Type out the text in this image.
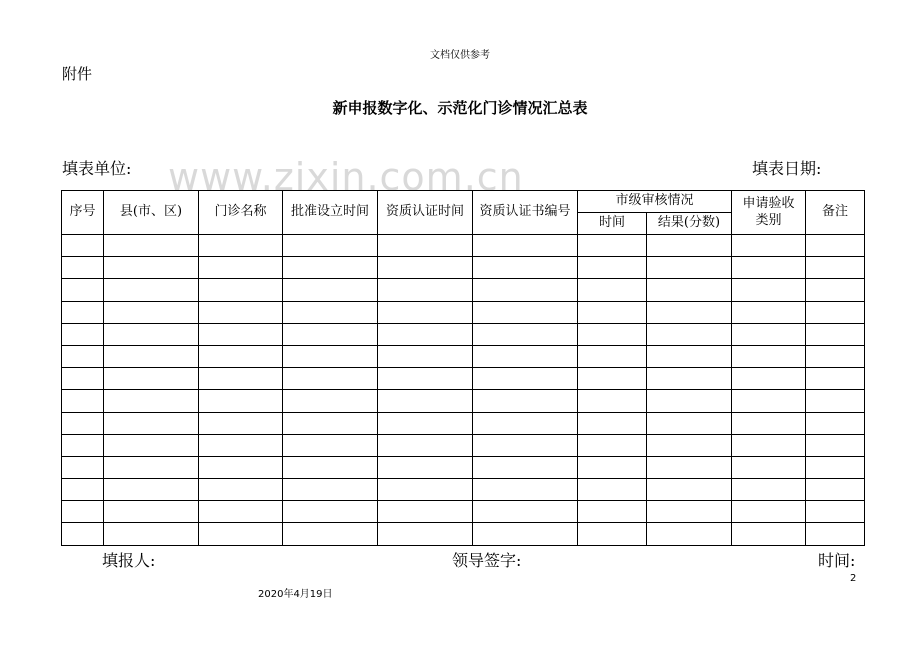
文档仅供参考
附件
新申报数字化、示范化门诊情况汇总表
www.zixin.com.cn
填表单位:	填表日期:
序号	县(市、区)	门诊名称	批准设立时间	资质认证时间	资质认证书编号	市级审核情况		申请验收类别	备注
						时间	结果(分数)		

填报人:	领导签字:	时间:
2
2020年4月19日
